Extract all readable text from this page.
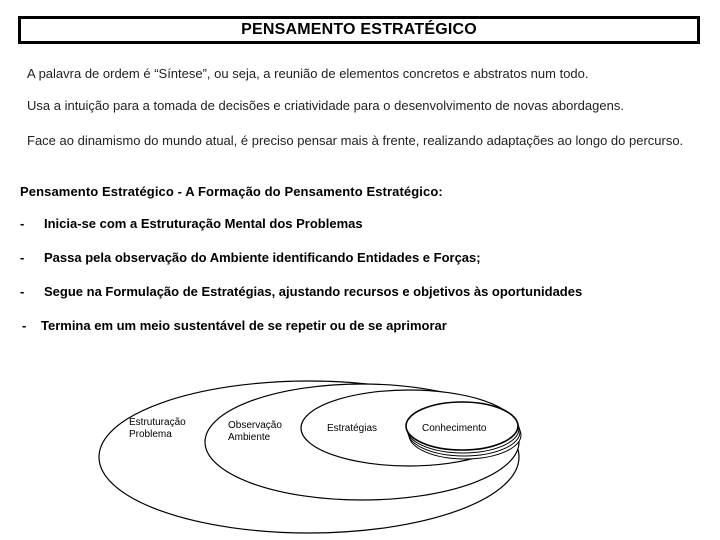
PENSAMENTO ESTRATÉGICO
A palavra de ordem é “Síntese”, ou seja, a reunião de elementos concretos e abstratos num todo.
Usa a intuição para a tomada de decisões e criatividade para o desenvolvimento de novas abordagens.
Face ao dinamismo do mundo atual, é preciso pensar mais à frente, realizando adaptações ao longo do percurso.
Pensamento Estratégico - A Formação do Pensamento Estratégico:
- Inicia-se com a Estruturação Mental dos Problemas
- Passa pela observação do Ambiente identificando Entidades e Forças;
- Segue na Formulação de Estratégias, ajustando recursos e objetivos às oportunidades
- Termina em um meio sustentável de se repetir ou de se aprimorar
Estruturação
Problema
Observação
Ambiente
Estratégias	Conhecimento
